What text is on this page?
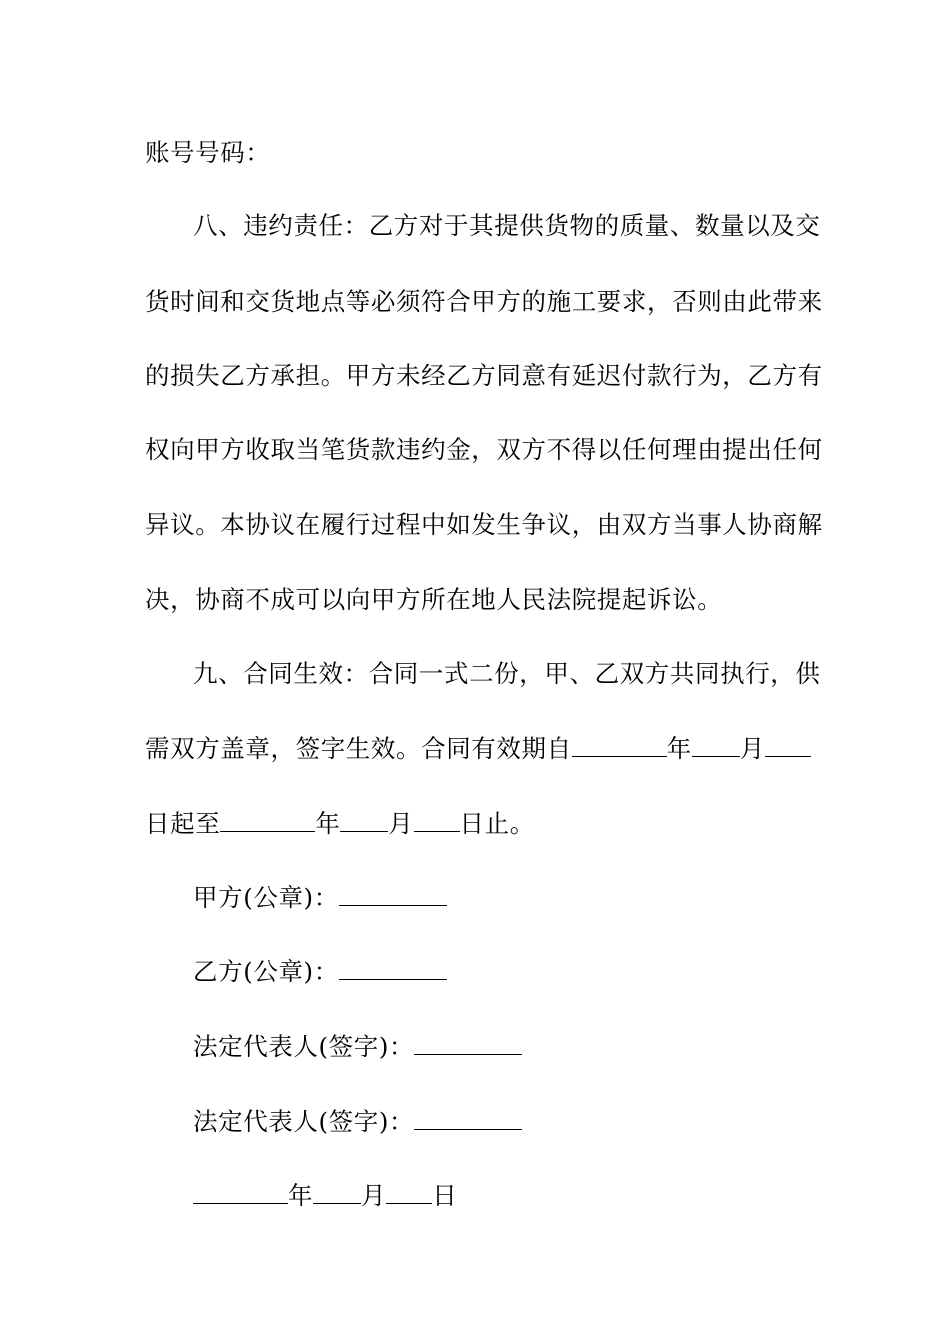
账号号码：
八、违约责任：乙方对于其提供货物的质量、数量以及交
货时间和交货地点等必须符合甲方的施工要求，否则由此带来
的损失乙方承担。甲方未经乙方同意有延迟付款行为，乙方有
权向甲方收取当笔货款违约金，双方不得以任何理由提出任何
异议。本协议在履行过程中如发生争议，由双方当事人协商解
决，协商不成可以向甲方所在地人民法院提起诉讼。
九、合同生效：合同一式二份，甲、乙双方共同执行，供
需双方盖章，签字生效。合同有效期自	年 月
日起至	年 月 日止。
甲方(公章)：
乙方(公章)：
法定代表人(签字)：
法定代表人(签字)：
年 月 日
